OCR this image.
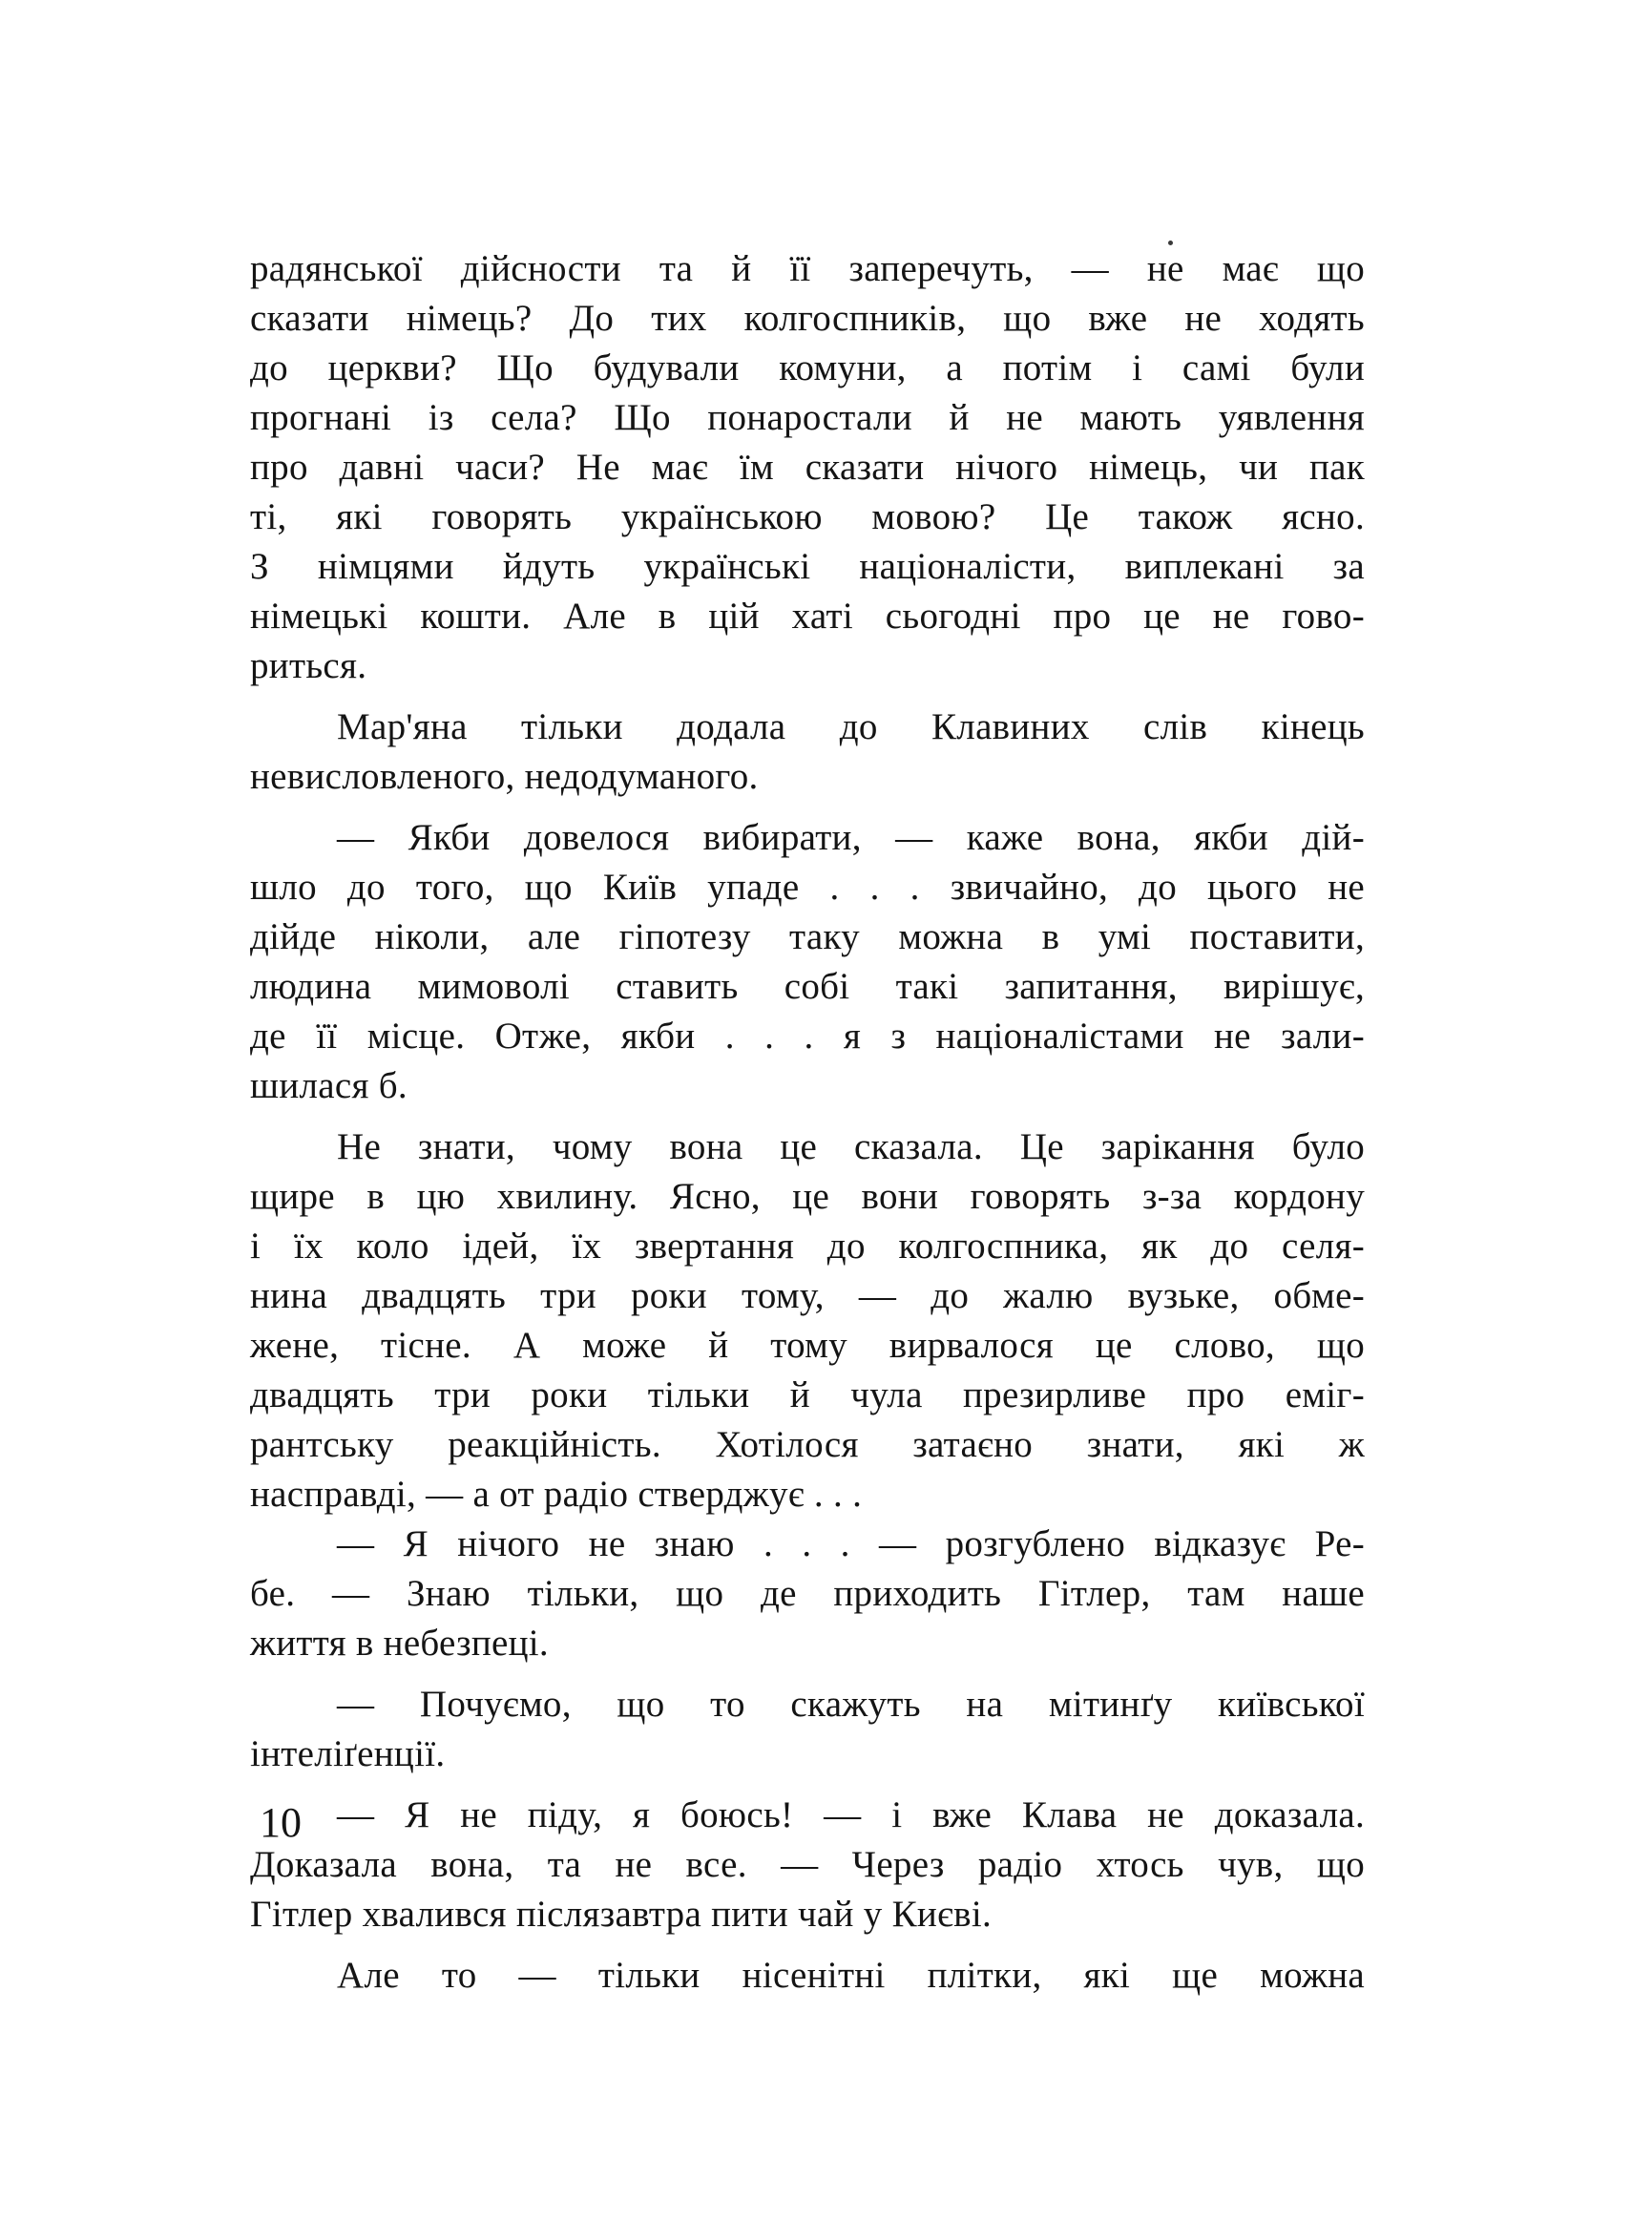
радянської дійсности та й її заперечуть, — не має що
сказати німець? До тих колгоспників, що вже не ходять
до церкви? Що будували комуни, а потім і самі були
прогнані із села? Що понаростали й не мають уявлення
про давні часи? Не має їм сказати нічого німець, чи пак
ті, які говорять українською мовою? Це також ясно.
З німцями йдуть українські націоналісти, виплекані за
німецькі кошти. Але в цій хаті сьогодні про це не гово-
риться.
Мар'яна тільки додала до Клавиних слів кінець
невисловленого, недодуманого.
— Якби довелося вибирати, — каже вона, якби дій-
шло до того, що Київ упаде . . . звичайно, до цього не
дійде ніколи, але гіпотезу таку можна в умі поставити,
людина мимоволі ставить собі такі запитання, вирішує,
де її місце. Отже, якби . . . я з націоналістами не зали-
шилася б.
Не знати, чому вона це сказала. Це зарікання було
щире в цю хвилину. Ясно, це вони говорять з-за кордону
і їх коло ідей, їх звертання до колгоспника, як до селя-
нина двадцять три роки тому, — до жалю вузьке, обме-
жене, тісне. А може й тому вирвалося це слово, що
двадцять три роки тільки й чула презирливе про еміг-
рантську реакційність. Хотілося затаєно знати, які ж
насправді, — а от радіо стверджує . . .
— Я нічого не знаю . . . — розгублено відказує Ре-
бе. — Знаю тільки, що де приходить Гітлер, там наше
життя в небезпеці.
— Почуємо, що то скажуть на мітинґу київської
інтеліґенції.
— Я не піду, я боюсь! — і вже Клава не доказала.
Доказала вона, та не все. — Через радіо хтось чув, що
Гітлер хвалився післязавтра пити чай у Києві.
Але то — тільки нісенітні плітки, які ще можна
10
